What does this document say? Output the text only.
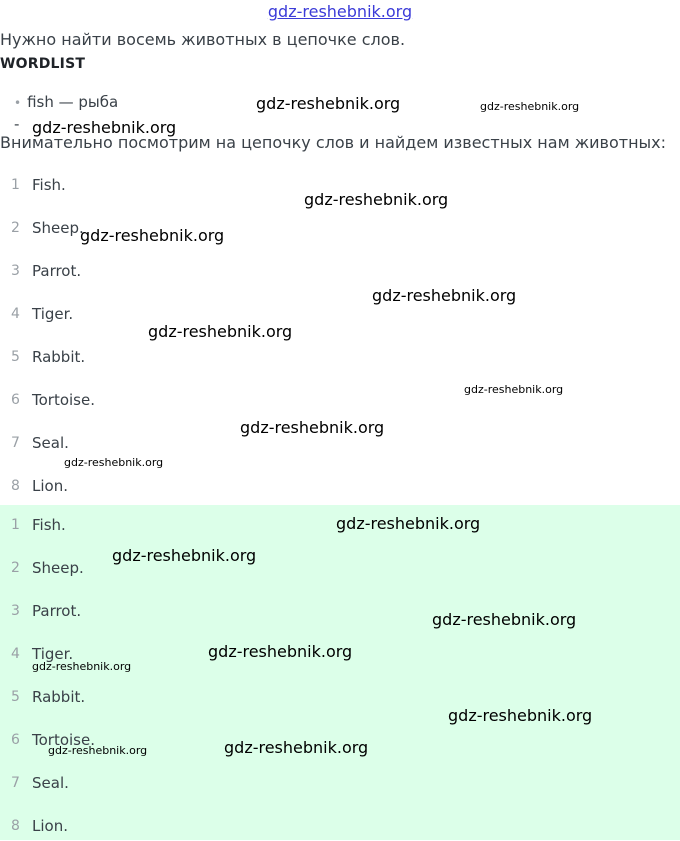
gdz-reshebnik.org
Нужно найти восемь животных в цепочке слов.
WORDLIST
• fish — рыба
-
Внимательно посмотрим на цепочку слов и найдем известных нам животных:
1 Fish.
2 Sheep.
3 Parrot.
4 Tiger.
5 Rabbit.
6 Tortoise.
7 Seal.
8 Lion.
1 Fish.
2 Sheep.
3 Parrot.
4 Tiger.
5 Rabbit.
6 Tortoise.
7 Seal.
8 Lion.
gdz-reshebnik.org	gdz-reshebnik.org
gdz-reshebnik.org
gdz-reshebnik.org
gdz-reshebnik.org
gdz-reshebnik.org
gdz-reshebnik.org
gdz-reshebnik.org
gdz-reshebnik.org
gdz-reshebnik.org
gdz-reshebnik.org
gdz-reshebnik.org
gdz-reshebnik.org
gdz-reshebnik.org
gdz-reshebnik.org
gdz-reshebnik.org
gdz-reshebnik.org
gdz-reshebnik.org
